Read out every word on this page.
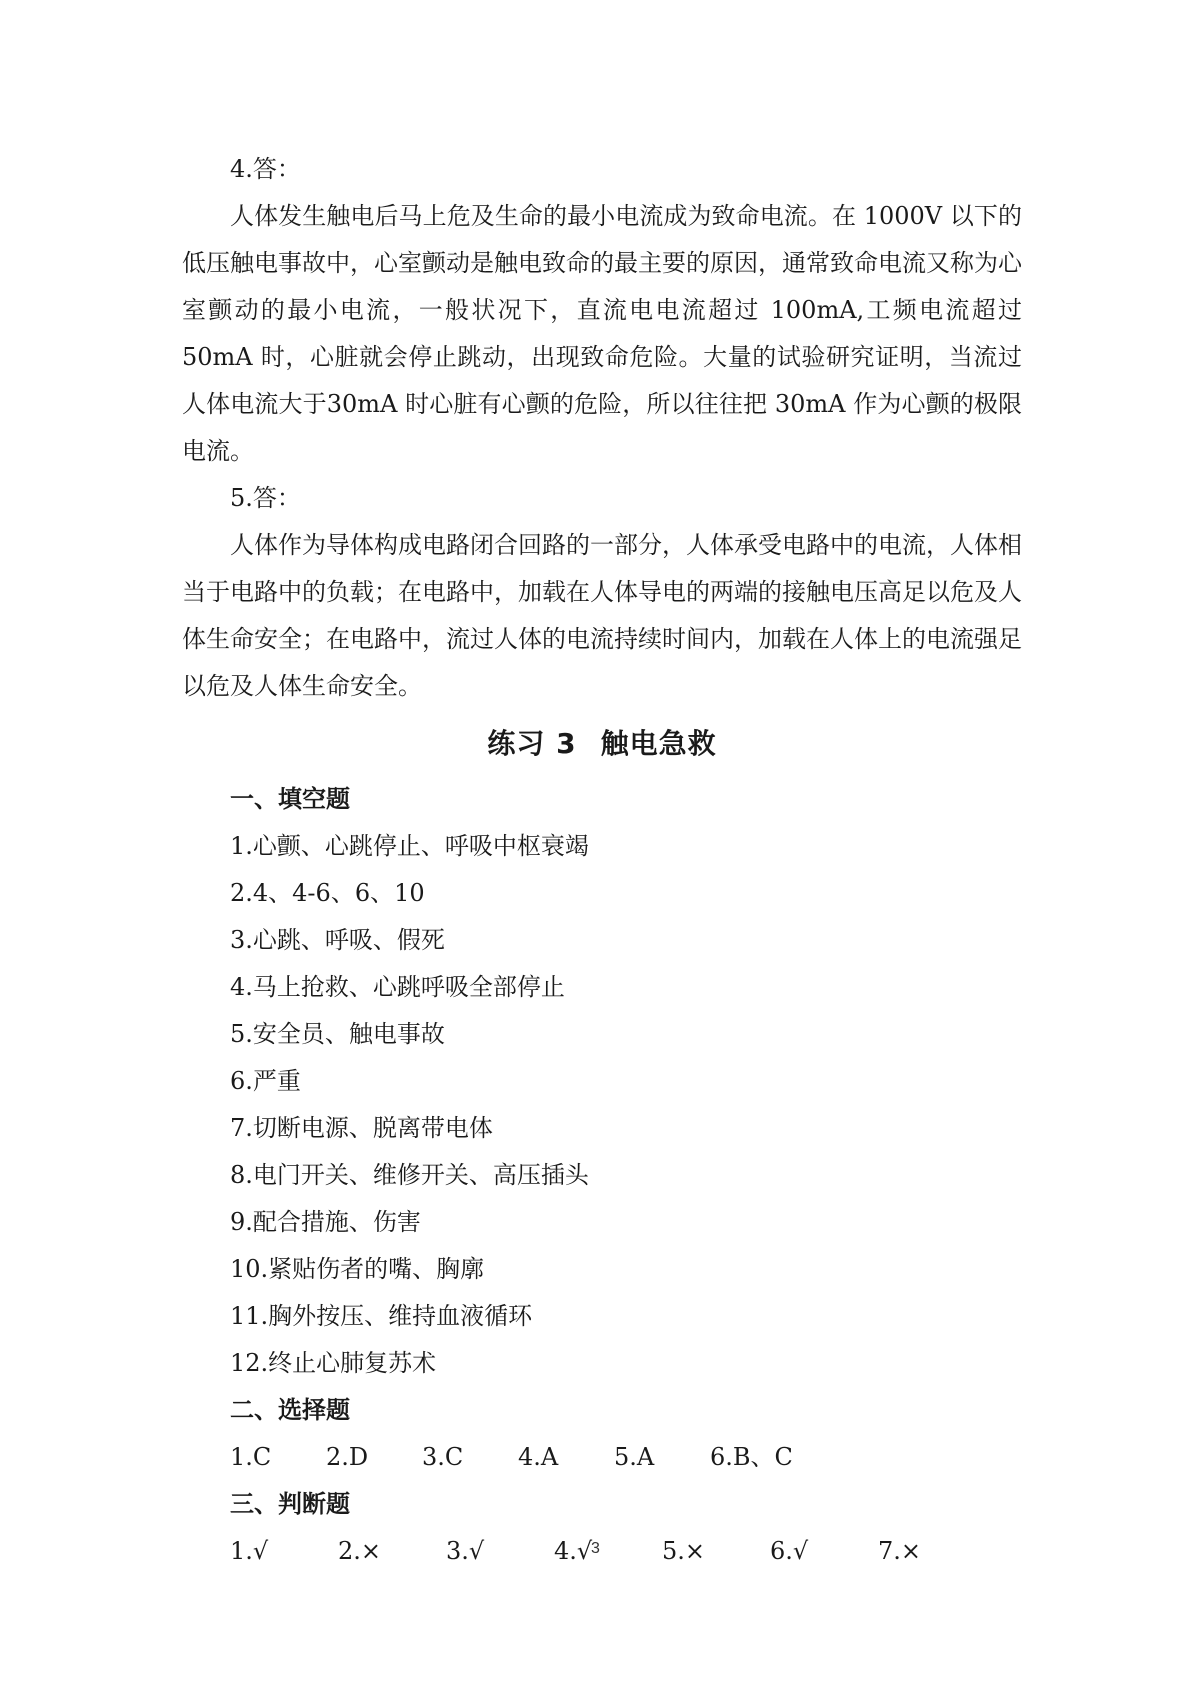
4.答：

人体发生触电后马上危及生命的最小电流成为致命电流。在 1000V 以下的低压触电事故中，心室颤动是触电致命的最主要的原因，通常致命电流又称为心室颤动的最小电流，一般状况下，直流电电流超过 100mA,工频电流超过 50mA 时，心脏就会停止跳动，出现致命危险。大量的试验研究证明，当流过人体电流大于30mA 时心脏有心颤的危险，所以往往把 30mA 作为心颤的极限电流。

5.答：

人体作为导体构成电路闭合回路的一部分，人体承受电路中的电流，人体相当于电路中的负载；在电路中，加载在人体导电的两端的接触电压高足以危及人体生命安全；在电路中，流过人体的电流持续时间内，加载在人体上的电流强足以危及人体生命安全。

练习 3 触电急救

一、填空题

1.心颤、心跳停止、呼吸中枢衰竭

2.4、4-6、6、10

3.心跳、呼吸、假死

4.马上抢救、心跳呼吸全部停止

5.安全员、触电事故

6.严重

7.切断电源、脱离带电体

8.电门开关、维修开关、高压插头

9.配合措施、伤害

10.紧贴伤者的嘴、胸廓

11.胸外按压、维持血液循环

12.终止心肺复苏术

二、选择题

1.C	2.D	3.C	4.A	5.A	6.B、C

三、判断题

1.√	2.×	3.√	4.√	5.×	6.√	7.×
3
